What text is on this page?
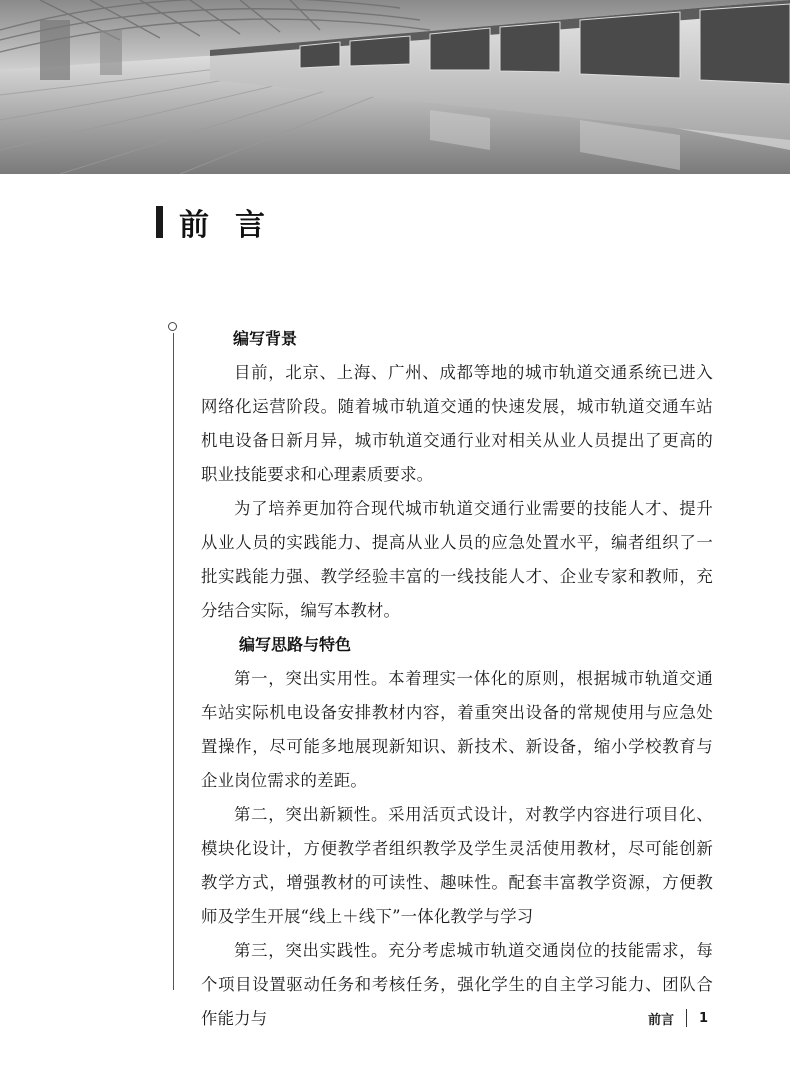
前言
编写背景

目前，北京、上海、广州、成都等地的城市轨道交通系统已进入网络化运营阶段。随着城市轨道交通的快速发展，城市轨道交通车站机电设备日新月异，城市轨道交通行业对相关从业人员提出了更高的职业技能要求和心理素质要求。

为了培养更加符合现代城市轨道交通行业需要的技能人才、提升从业人员的实践能力、提高从业人员的应急处置水平，编者组织了一批实践能力强、教学经验丰富的一线技能人才、企业专家和教师，充分结合实际，编写本教材。

编写思路与特色

第一，突出实用性。本着理实一体化的原则，根据城市轨道交通车站实际机电设备安排教材内容，着重突出设备的常规使用与应急处置操作，尽可能多地展现新知识、新技术、新设备，缩小学校教育与企业岗位需求的差距。

第二，突出新颖性。采用活页式设计，对教学内容进行项目化、模块化设计，方便教学者组织教学及学生灵活使用教材，尽可能创新教学方式，增强教材的可读性、趣味性。配套丰富教学资源，方便教师及学生开展“线上＋线下”一体化教学与学习

第三，突出实践性。充分考虑城市轨道交通岗位的技能需求，每个项目设置驱动任务和考核任务，强化学生的自主学习能力、团队合作能力与	前言 1
